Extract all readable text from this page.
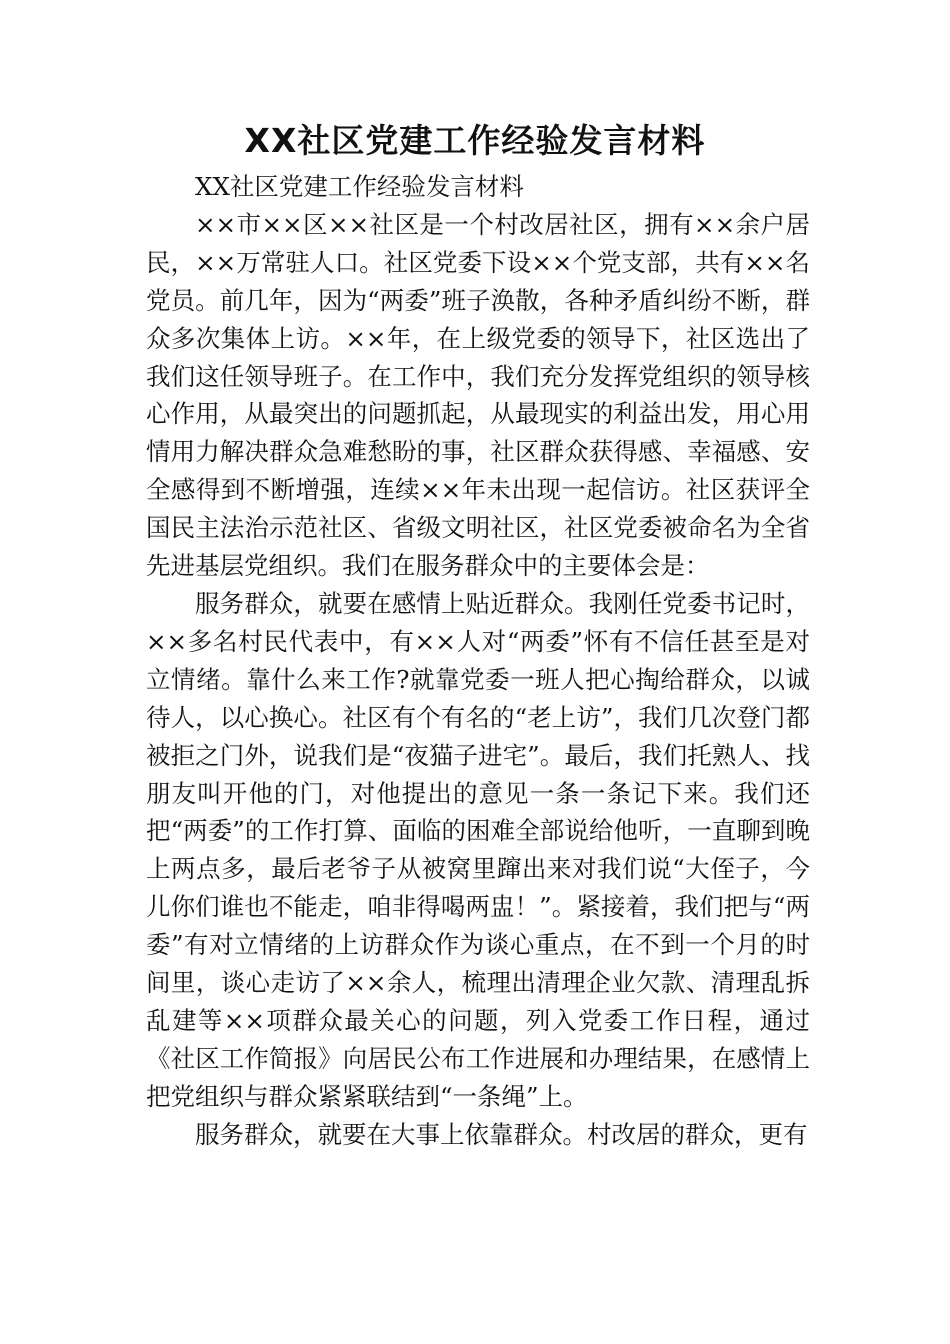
XX社区党建工作经验发言材料

XX社区党建工作经验发言材料

××市××区××社区是一个村改居社区，拥有××余户居民，××万常驻人口。社区党委下设××个党支部，共有××名党员。前几年，因为“两委”班子涣散，各种矛盾纠纷不断，群众多次集体上访。××年，在上级党委的领导下，社区选出了我们这任领导班子。在工作中，我们充分发挥党组织的领导核心作用，从最突出的问题抓起，从最现实的利益出发，用心用情用力解决群众急难愁盼的事，社区群众获得感、幸福感、安全感得到不断增强，连续××年未出现一起信访。社区获评全国民主法治示范社区、省级文明社区，社区党委被命名为全省先进基层党组织。我们在服务群众中的主要体会是：

服务群众，就要在感情上贴近群众。我刚任党委书记时，××多名村民代表中，有××人对“两委”怀有不信任甚至是对立情绪。靠什么来工作?就靠党委一班人把心掏给群众，以诚待人，以心换心。社区有个有名的“老上访”，我们几次登门都被拒之门外，说我们是“夜猫子进宅”。最后，我们托熟人、找朋友叫开他的门，对他提出的意见一条一条记下来。我们还把“两委”的工作打算、面临的困难全部说给他听，一直聊到晚上两点多，最后老爷子从被窝里蹿出来对我们说“大侄子，今儿你们谁也不能走，咱非得喝两盅！”。紧接着，我们把与“两委”有对立情绪的上访群众作为谈心重点，在不到一个月的时间里，谈心走访了××余人，梳理出清理企业欠款、清理乱拆乱建等××项群众最关心的问题，列入党委工作日程，通过《社区工作简报》向居民公布工作进展和办理结果，在感情上把党组织与群众紧紧联结到“一条绳”上。

服务群众，就要在大事上依靠群众。村改居的群众，更有
